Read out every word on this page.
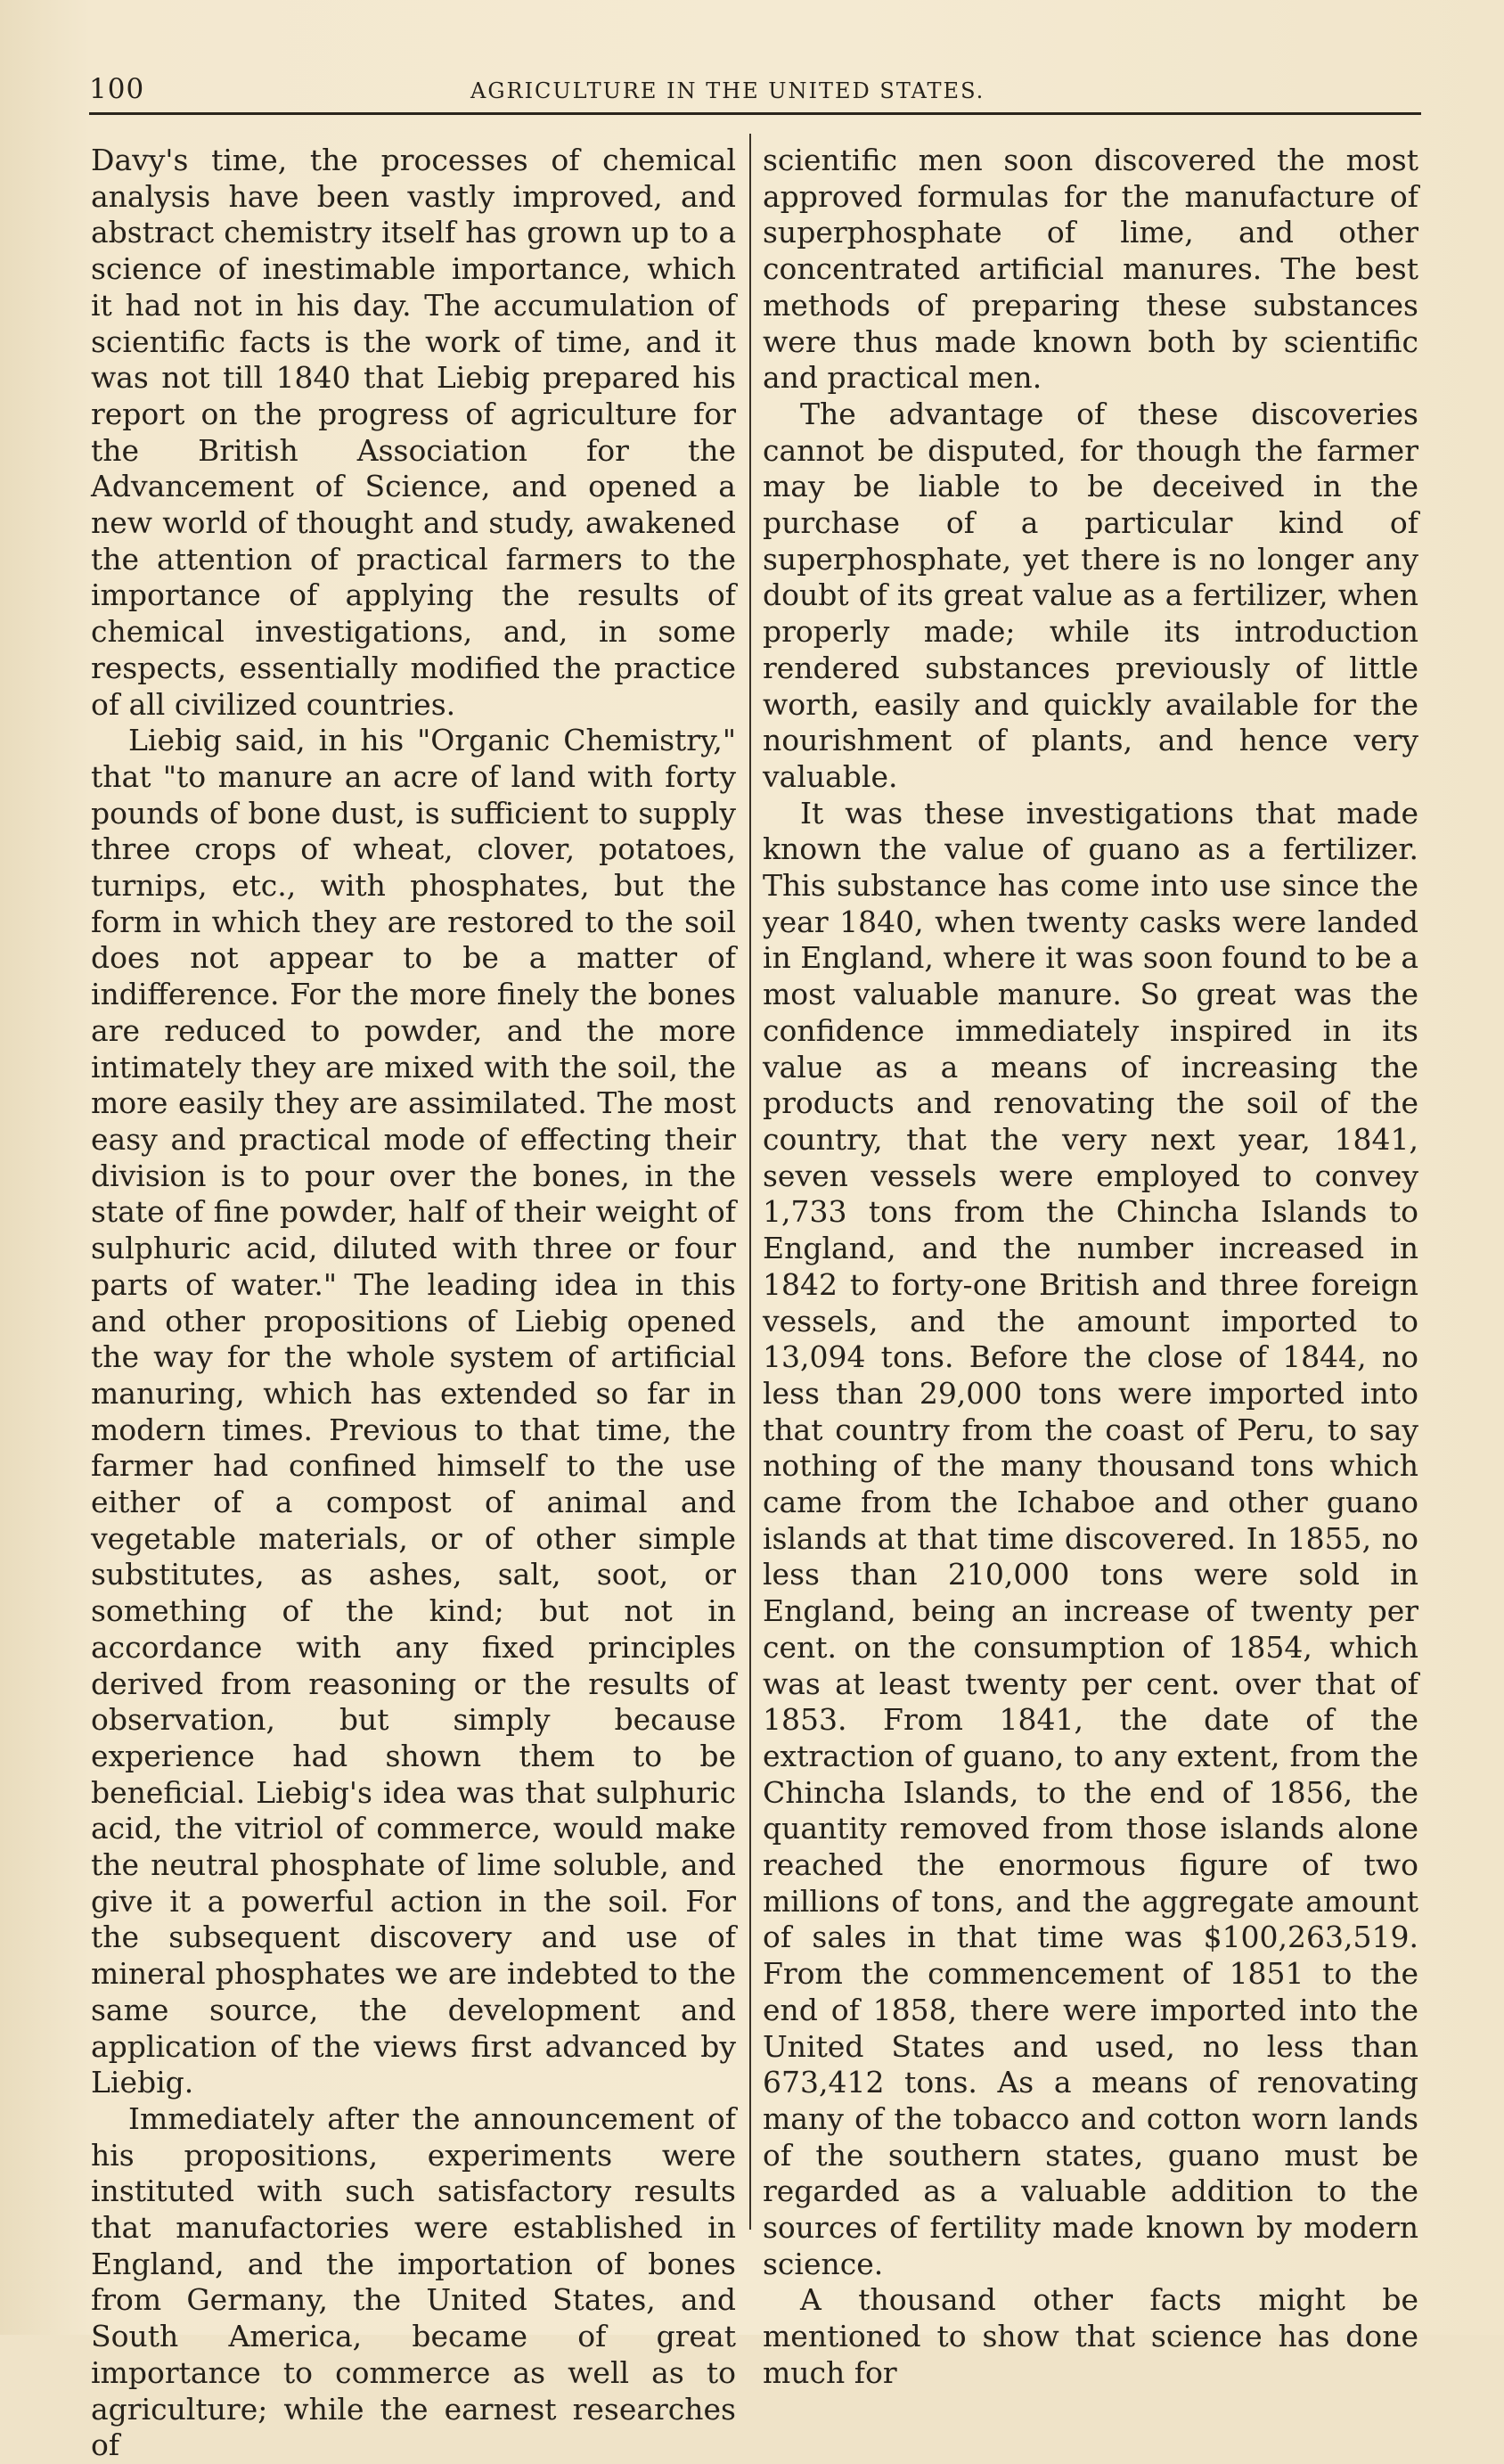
100	AGRICULTURE IN THE UNITED STATES.

Davy's time, the processes of chemical analysis have been vastly improved, and abstract chemistry itself has grown up to a science of inestimable importance, which it had not in his day. The accumulation of scientific facts is the work of time, and it was not till 1840 that Liebig prepared his report on the progress of agriculture for the British Association for the Advancement of Science, and opened a new world of thought and study, awakened the attention of practical farmers to the importance of applying the results of chemical investigations, and, in some respects, essentially modified the practice of all civilized countries.

Liebig said, in his "Organic Chemistry," that "to manure an acre of land with forty pounds of bone dust, is sufficient to supply three crops of wheat, clover, potatoes, turnips, etc., with phosphates, but the form in which they are restored to the soil does not appear to be a matter of indifference. For the more finely the bones are reduced to powder, and the more intimately they are mixed with the soil, the more easily they are assimilated. The most easy and practical mode of effecting their division is to pour over the bones, in the state of fine powder, half of their weight of sulphuric acid, diluted with three or four parts of water." The leading idea in this and other propositions of Liebig opened the way for the whole system of artificial manuring, which has extended so far in modern times. Previous to that time, the farmer had confined himself to the use either of a compost of animal and vegetable materials, or of other simple substitutes, as ashes, salt, soot, or something of the kind; but not in accordance with any fixed principles derived from reasoning or the results of observation, but simply because experience had shown them to be beneficial. Liebig's idea was that sulphuric acid, the vitriol of commerce, would make the neutral phosphate of lime soluble, and give it a powerful action in the soil. For the subsequent discovery and use of mineral phosphates we are indebted to the same source, the development and application of the views first advanced by Liebig.

Immediately after the announcement of his propositions, experiments were instituted with such satisfactory results that manufactories were established in England, and the importation of bones from Germany, the United States, and South America, became of great importance to commerce as well as to agriculture; while the earnest researches of

scientific men soon discovered the most approved formulas for the manufacture of superphosphate of lime, and other concentrated artificial manures. The best methods of preparing these substances were thus made known both by scientific and practical men.

The advantage of these discoveries cannot be disputed, for though the farmer may be liable to be deceived in the purchase of a particular kind of superphosphate, yet there is no longer any doubt of its great value as a fertilizer, when properly made; while its introduction rendered substances previously of little worth, easily and quickly available for the nourishment of plants, and hence very valuable.

It was these investigations that made known the value of guano as a fertilizer. This substance has come into use since the year 1840, when twenty casks were landed in England, where it was soon found to be a most valuable manure. So great was the confidence immediately inspired in its value as a means of increasing the products and renovating the soil of the country, that the very next year, 1841, seven vessels were employed to convey 1,733 tons from the Chincha Islands to England, and the number increased in 1842 to forty-one British and three foreign vessels, and the amount imported to 13,094 tons. Before the close of 1844, no less than 29,000 tons were imported into that country from the coast of Peru, to say nothing of the many thousand tons which came from the Ichaboe and other guano islands at that time discovered. In 1855, no less than 210,000 tons were sold in England, being an increase of twenty per cent. on the consumption of 1854, which was at least twenty per cent. over that of 1853. From 1841, the date of the extraction of guano, to any extent, from the Chincha Islands, to the end of 1856, the quantity removed from those islands alone reached the enormous figure of two millions of tons, and the aggregate amount of sales in that time was $100,263,519. From the commencement of 1851 to the end of 1858, there were imported into the United States and used, no less than 673,412 tons. As a means of renovating many of the tobacco and cotton worn lands of the southern states, guano must be regarded as a valuable addition to the sources of fertility made known by modern science.

A thousand other facts might be mentioned to show that science has done much for
